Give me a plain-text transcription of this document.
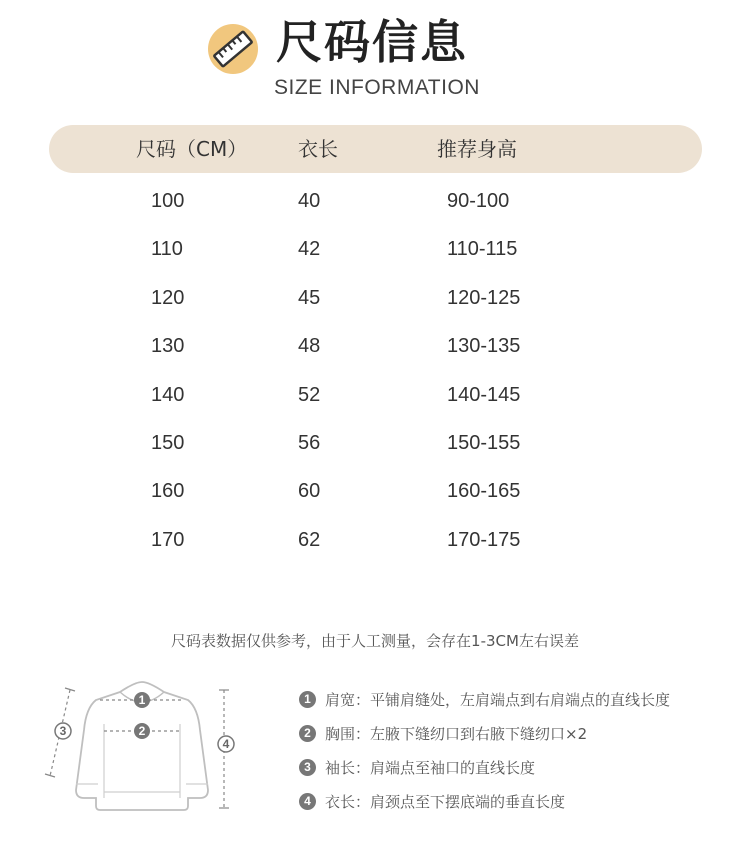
尺码信息
SIZE INFORMATION
尺码（CM）	衣长	推荐身高
100	40	90-100
110	42	110-115
120	45	120-125
130	48	130-135
140	52	140-145
150	56	150-155
160	60	160-165
170	62	170-175
尺码表数据仅供参考，由于人工测量，会存在1-3CM左右误差
1
2
3
4
1 肩宽： 平铺肩缝处，左肩端点到右肩端点的直线长度
2 胸围： 左腋下缝纫口到右腋下缝纫口×2
3 袖长： 肩端点至袖口的直线长度
4 衣长： 肩颈点至下摆底端的垂直长度
